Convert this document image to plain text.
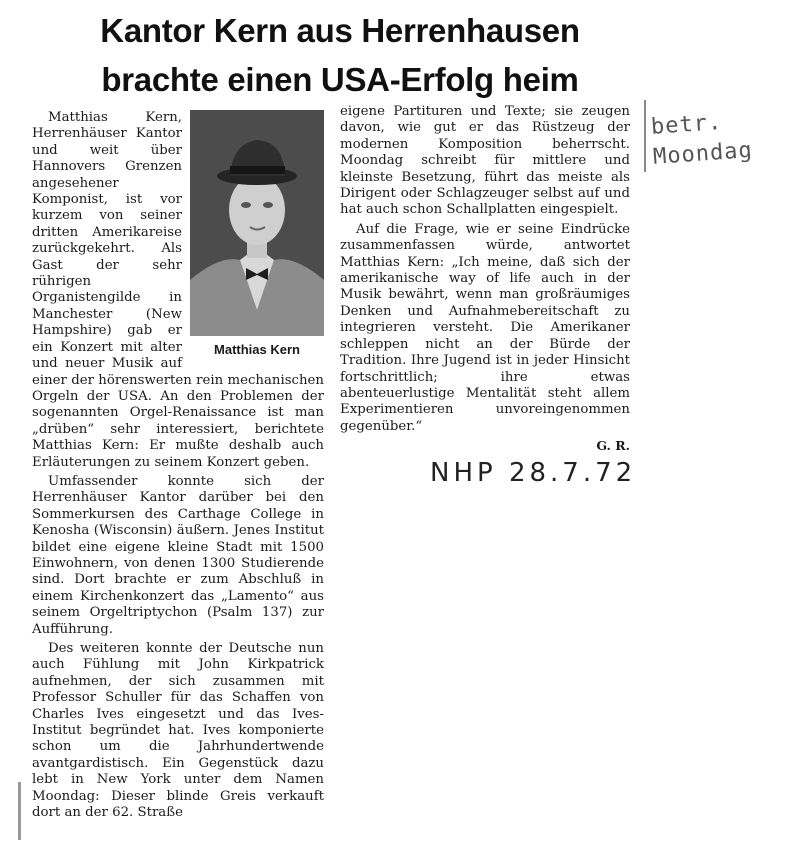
Kantor Kern aus Herrenhausen
brachte einen USA-Erfolg heim
Matthias Kern

Matthias Kern, Herrenhäuser Kantor und weit über Hannovers Grenzen angesehener Komponist, ist vor kurzem von seiner dritten Amerikareise zurückgekehrt. Als Gast der sehr rührigen Organistengilde in Manchester (New Hampshire) gab er ein Konzert mit alter und neuer Musik auf einer der hörenswerten rein mechanischen Orgeln der USA. An den Problemen der sogenannten Orgel-Renaissance ist man „drüben“ sehr interessiert, berichtete Matthias Kern: Er mußte deshalb auch Erläuterungen zu seinem Konzert geben.

Umfassender konnte sich der Herrenhäuser Kantor darüber bei den Sommerkursen des Carthage College in Kenosha (Wisconsin) äußern. Jenes Institut bildet eine eigene kleine Stadt mit 1500 Einwohnern, von denen 1300 Studierende sind. Dort brachte er zum Abschluß in einem Kirchenkonzert das „Lamento“ aus seinem Orgeltriptychon (Psalm 137) zur Aufführung.

Des weiteren konnte der Deutsche nun auch Fühlung mit John Kirkpatrick aufnehmen, der sich zusammen mit Professor Schuller für das Schaffen von Charles Ives eingesetzt und das Ives-Institut begründet hat. Ives komponierte schon um die Jahrhundertwende avantgardistisch. Ein Gegenstück dazu lebt in New York unter dem Namen Moondag: Dieser blinde Greis verkauft dort an der 62. Straße

eigene Partituren und Texte; sie zeugen davon, wie gut er das Rüstzeug der modernen Komposition beherrscht. Moondag schreibt für mittlere und kleinste Besetzung, führt das meiste als Dirigent oder Schlagzeuger selbst auf und hat auch schon Schallplatten eingespielt.

Auf die Frage, wie er seine Eindrücke zusammenfassen würde, antwortet Matthias Kern: „Ich meine, daß sich der amerikanische way of life auch in der Musik bewährt, wenn man großräumiges Denken und Aufnahmebereitschaft zu integrieren versteht. Die Amerikaner schleppen nicht an der Bürde der Tradition. Ihre Jugend ist in jeder Hinsicht fortschrittlich; ihre etwas abenteuerlustige Mentalität steht allem Experimentieren unvoreingenommen gegenüber.“

G. R.
betr.
Moondag
NHP 28.7.72
